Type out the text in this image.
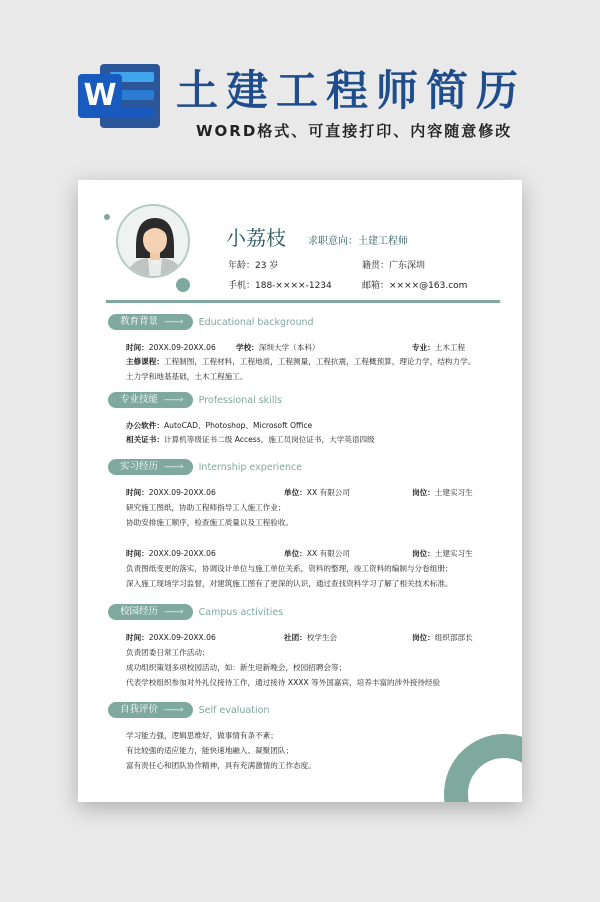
W 土建工程师简历
WORD格式、可直接打印、内容随意修改
小荔枝 求职意向：土建工程师
年龄：23 岁	籍贯：广东深圳
手机：188-××××-1234	邮箱：××××@163.com
教育背景 ——› Educational background
时间：20XX.09-20XX.06	学校：深圳大学（本科）	专业：土木工程
主修课程：工程制图，工程材料，工程地质，工程测量，工程抗震，工程概预算，理论力学，结构力学。
土力学和地基基础，土木工程施工。
专业技能 ——› Professional skills
办公软件：AutoCAD、Photoshop、Microsoft Office
相关证书：计算机等级证书二级 Access，施工员岗位证书，大学英语四级
实习经历 ——› Internship experience
时间：20XX.09-20XX.06	单位：XX 有限公司	岗位：土建实习生
研究施工图纸，协助工程师指导工人施工作业；
协助安排施工顺序，检查施工质量以及工程验收。
时间：20XX.09-20XX.06	单位：XX 有限公司	岗位：土建实习生
负责图纸变更的落实，协调设计单位与施工单位关系，资料的整理，竣工资料的编制与分卷组册；
深入施工现场学习监督，对建筑施工图有了更深的认识，通过查找资料学习了解了相关技术标准。
校园经历 ——› Campus activities
时间：20XX.09-20XX.06	社团：校学生会	岗位：组织部部长
负责团委日常工作活动；
成功组织策划多项校园活动，如：新生迎新晚会，校园招聘会等；
代表学校组织参加对外礼仪接待工作，通过接待 XXXX 等外国嘉宾，培养丰富的涉外接待经验
自我评价 ——› Self evaluation
学习能力强，逻辑思维好，做事情有条不紊；
有比较强的适应能力，能快速地融入、凝聚团队；
富有责任心和团队协作精神，具有充满激情的工作态度。
